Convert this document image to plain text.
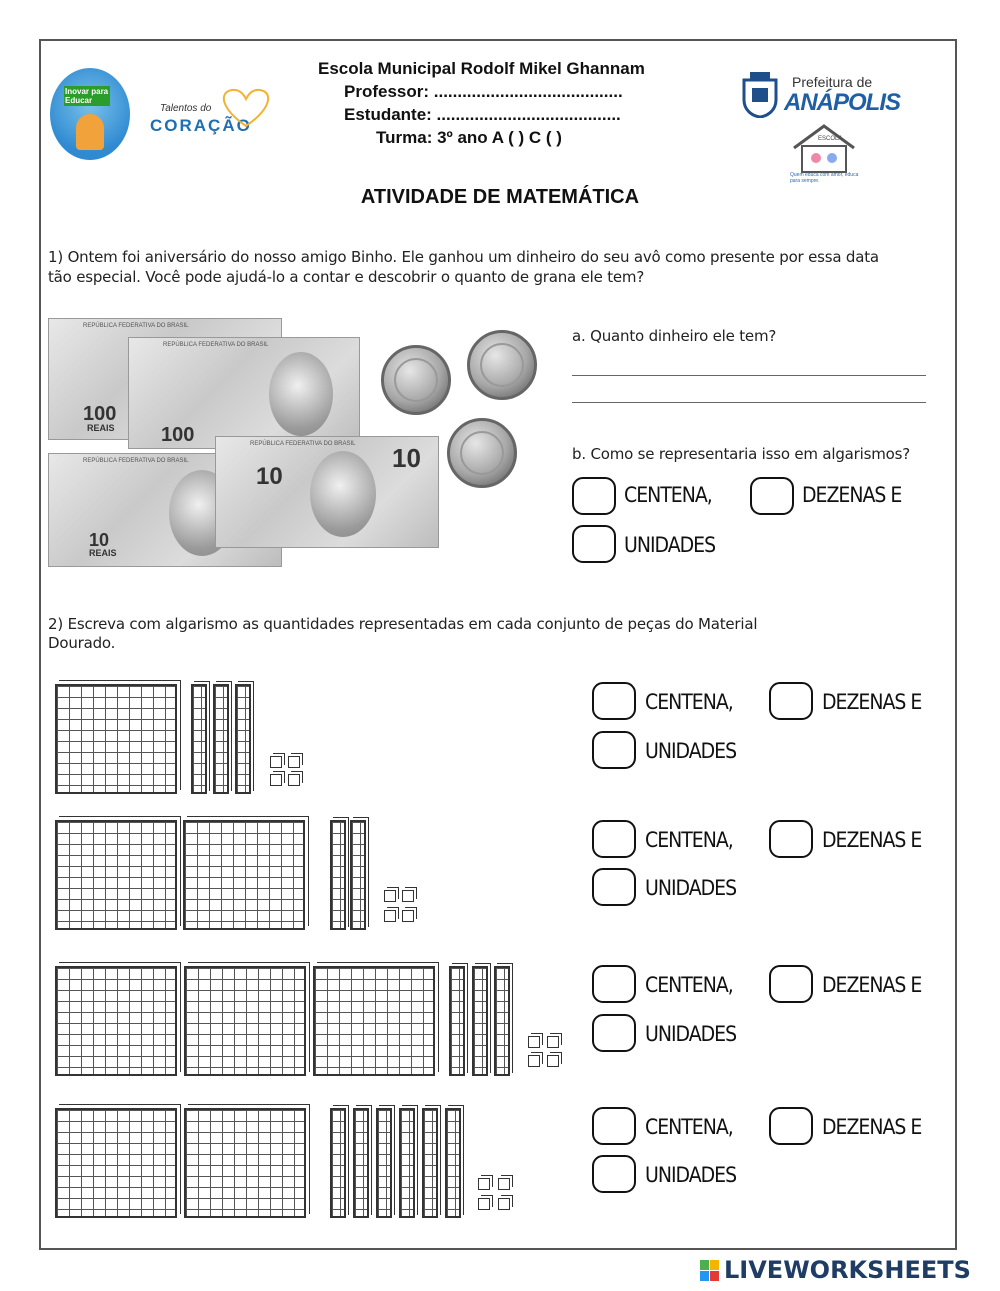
Inovar para Educar
Talentos do
CORAÇÃO
Escola Municipal Rodolf Mikel Ghannam
Professor: ........................................
Estudante: .......................................
Turma: 3º ano A ( ) C ( )
Prefeitura de
ANÁPOLIS
ESCOLA
Quem educa com amor, educa para sempre.
ATIVIDADE DE MATEMÁTICA
1) Ontem foi aniversário do nosso amigo Binho. Ele ganhou um dinheiro do seu avô como presente por essa data
tão especial. Você pode ajudá-lo a contar e descobrir o quanto de grana ele tem?
REPÚBLICA FEDERATIVA DO BRASIL
100
REAIS
REPÚBLICA FEDERATIVA DO BRASIL
100
REPÚBLICA FEDERATIVA DO BRASIL
10
REAIS
REPÚBLICA FEDERATIVA DO BRASIL 10
10
a. Quanto dinheiro ele tem?
b. Como se representaria isso em algarismos?
CENTENA,	DEZENAS E
UNIDADES
2) Escreva com algarismo as quantidades representadas em cada conjunto de peças do Material
Dourado.
CENTENA,	DEZENAS E
UNIDADES
CENTENA,	DEZENAS E
UNIDADES
CENTENA,	DEZENAS E
UNIDADES
CENTENA,	DEZENAS E
UNIDADES
LIVEWORKSHEETS
